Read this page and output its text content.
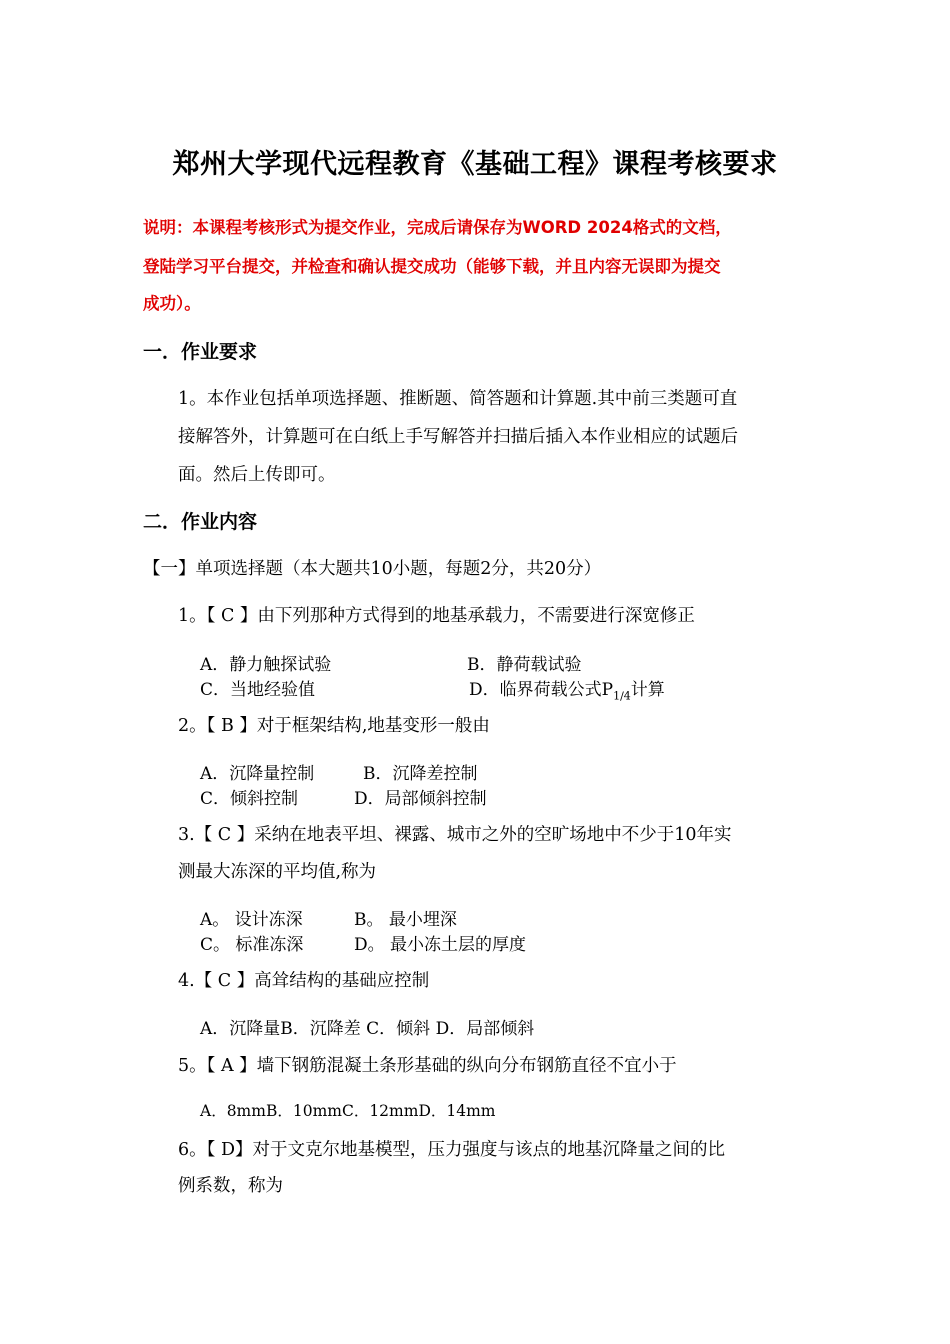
郑州大学现代远程教育《基础工程》课程考核要求
说明：本课程考核形式为提交作业，完成后请保存为WORD 2024格式的文档，
登陆学习平台提交，并检查和确认提交成功（能够下载，并且内容无误即为提交
成功）。
一．作业要求
1。本作业包括单项选择题、推断题、简答题和计算题.其中前三类题可直
接解答外，计算题可在白纸上手写解答并扫描后插入本作业相应的试题后
面。然后上传即可。
二．作业内容
【一】单项选择题（本大题共10小题，每题2分，共20分）
1。【 C 】由下列那种方式得到的地基承载力，不需要进行深宽修正
A．静力触探试验	B．静荷载试验
C．当地经验值	D．临界荷载公式$P_{1/4}$计算
2。【 B 】对于框架结构,地基变形一般由
A．沉降量控制	B．沉降差控制
C．倾斜控制	D．局部倾斜控制
3.【 C 】采纳在地表平坦、裸露、城市之外的空旷场地中不少于10年实
测最大冻深的平均值,称为
A。 设计冻深	B。 最小埋深
C。 标准冻深	D。 最小冻土层的厚度
4.【 C 】高耸结构的基础应控制
A．沉降量B．沉降差 C．倾斜 D．局部倾斜
5。【 A 】墙下钢筋混凝土条形基础的纵向分布钢筋直径不宜小于
A．8mmB．10mmC．12mmD．14mm
6。【 D】对于文克尔地基模型，压力强度与该点的地基沉降量之间的比
例系数，称为
